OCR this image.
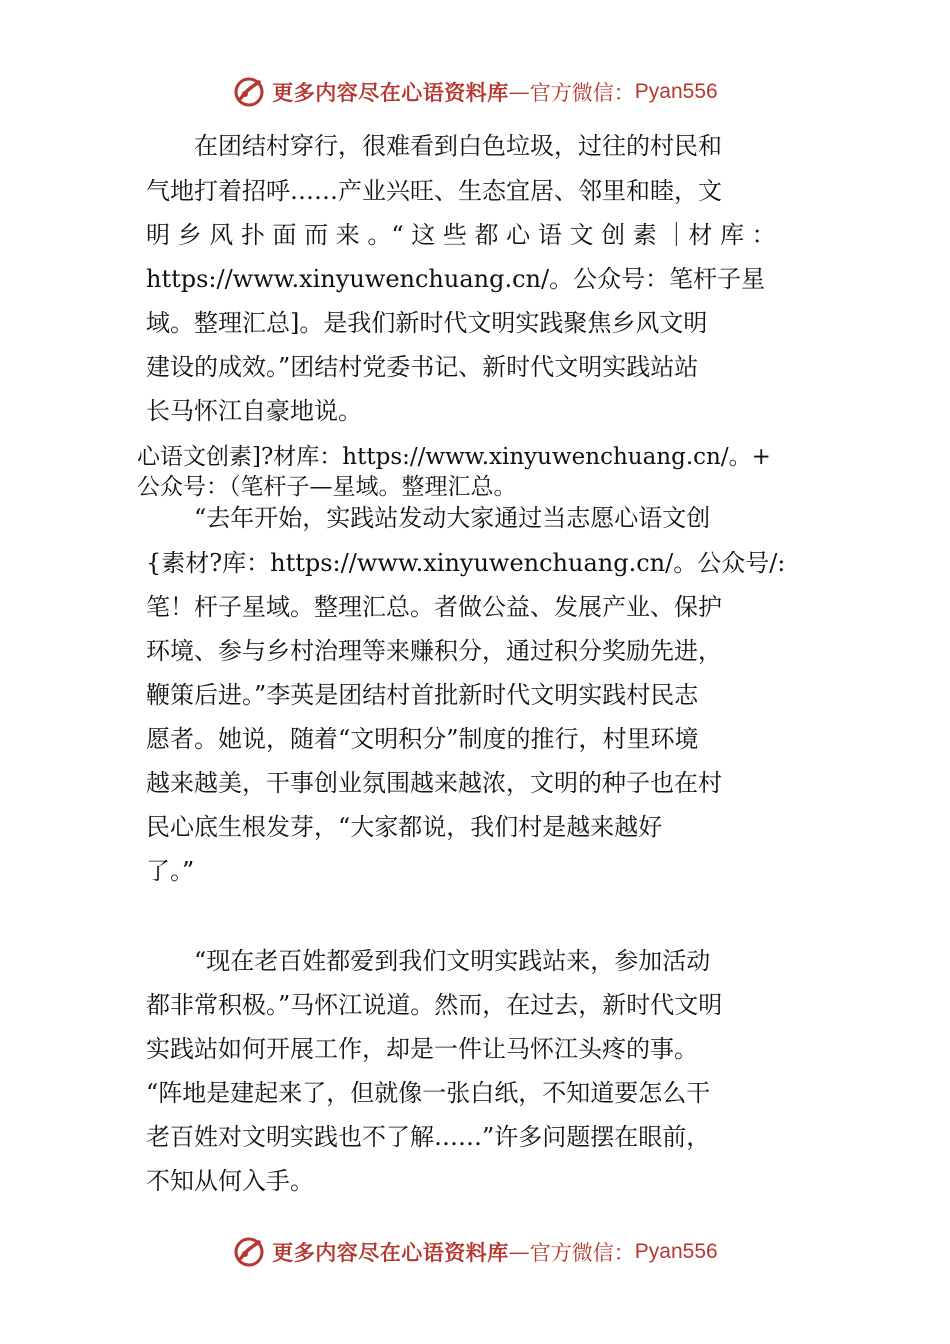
更多内容尽在心语资料库 — 官方微信： Pyan556
　　在团结村穿行，很难看到白色垃圾，过往的村民和
气地打着招呼……产业兴旺、生态宜居、邻里和睦，文
明 乡 风 扑 面 而 来 。“ 这 些 都 心 语 文 创 素 ｜材 库 ：
https://www.xinyuwenchuang.cn/。公众号：笔杆子星
域。整理汇总]。是我们新时代文明实践聚焦乡风文明
建设的成效。”团结村党委书记、新时代文明实践站站
长马怀江自豪地说。
心语文创素]?材库：https://www.xinyuwenchuang.cn/。+
公众号：（笔杆子—星域。整理汇总。
　　“去年开始，实践站发动大家通过当志愿心语文创
{素材?库：https://www.xinyuwenchuang.cn/。公众号/:
笔！杆子星域。整理汇总。者做公益、发展产业、保护
环境、参与乡村治理等来赚积分，通过积分奖励先进，
鞭策后进。”李英是团结村首批新时代文明实践村民志
愿者。她说，随着“文明积分”制度的推行，村里环境
越来越美，干事创业氛围越来越浓，文明的种子也在村
民心底生根发芽，“大家都说，我们村是越来越好
了。”
　　“现在老百姓都爱到我们文明实践站来，参加活动
都非常积极。”马怀江说道。然而，在过去，新时代文明
实践站如何开展工作，却是一件让马怀江头疼的事。
“阵地是建起来了，但就像一张白纸，不知道要怎么干
老百姓对文明实践也不了解……”许多问题摆在眼前，
不知从何入手。
更多内容尽在心语资料库 — 官方微信： Pyan556
